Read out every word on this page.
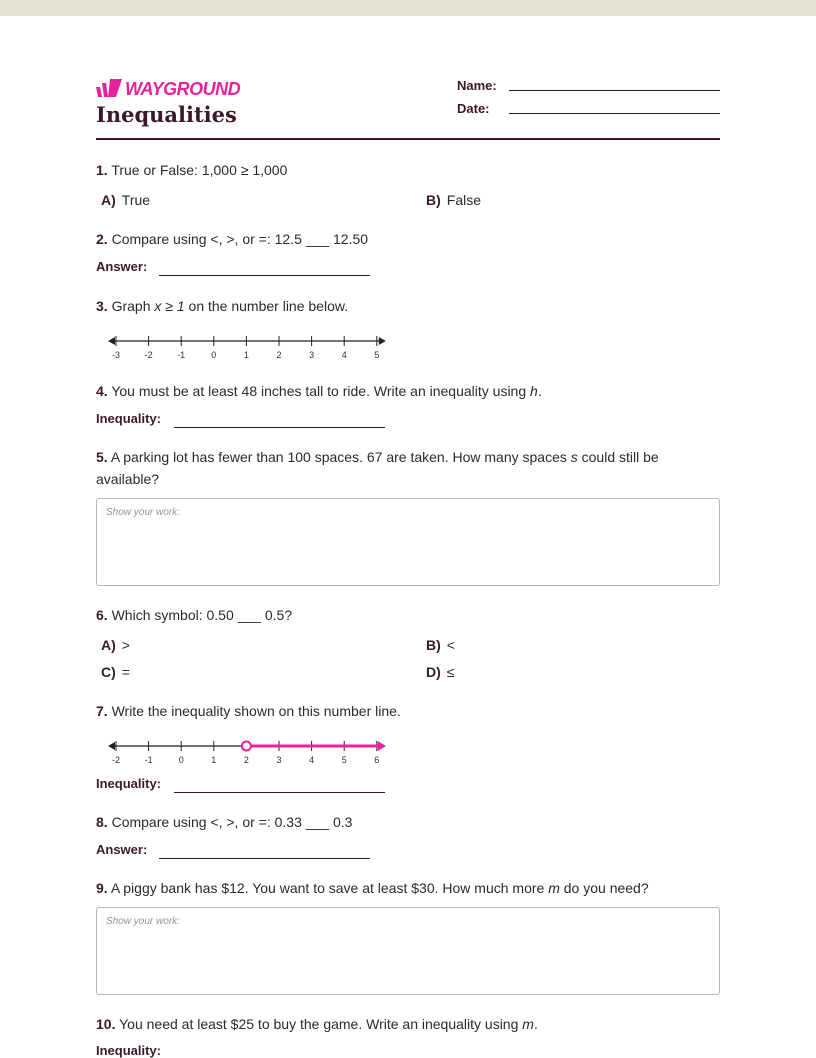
WAYGROUND
Inequalities
Name:
Date:
1. True or False: 1,000 ≥ 1,000
A) True	B) False
2. Compare using <, >, or =: 12.5 ___ 12.50
Answer:
3. Graph x ≥ 1 on the number line below.
-3	-2	-1	0	1	2	3	4	5
4. You must be at least 48 inches tall to ride. Write an inequality using h.
Inequality:
5. A parking lot has fewer than 100 spaces. 67 are taken. How many spaces s could still be available?
Show your work:
6. Which symbol: 0.50 ___ 0.5?
A) >	B) <
C) =	D) ≤
7. Write the inequality shown on this number line.
-2	-1	0	1	2	3	4	5	6
Inequality:
8. Compare using <, >, or =: 0.33 ___ 0.3
Answer:
9. A piggy bank has $12. You want to save at least $30. How much more m do you need?
Show your work:
10. You need at least $25 to buy the game. Write an inequality using m.
Inequality:
